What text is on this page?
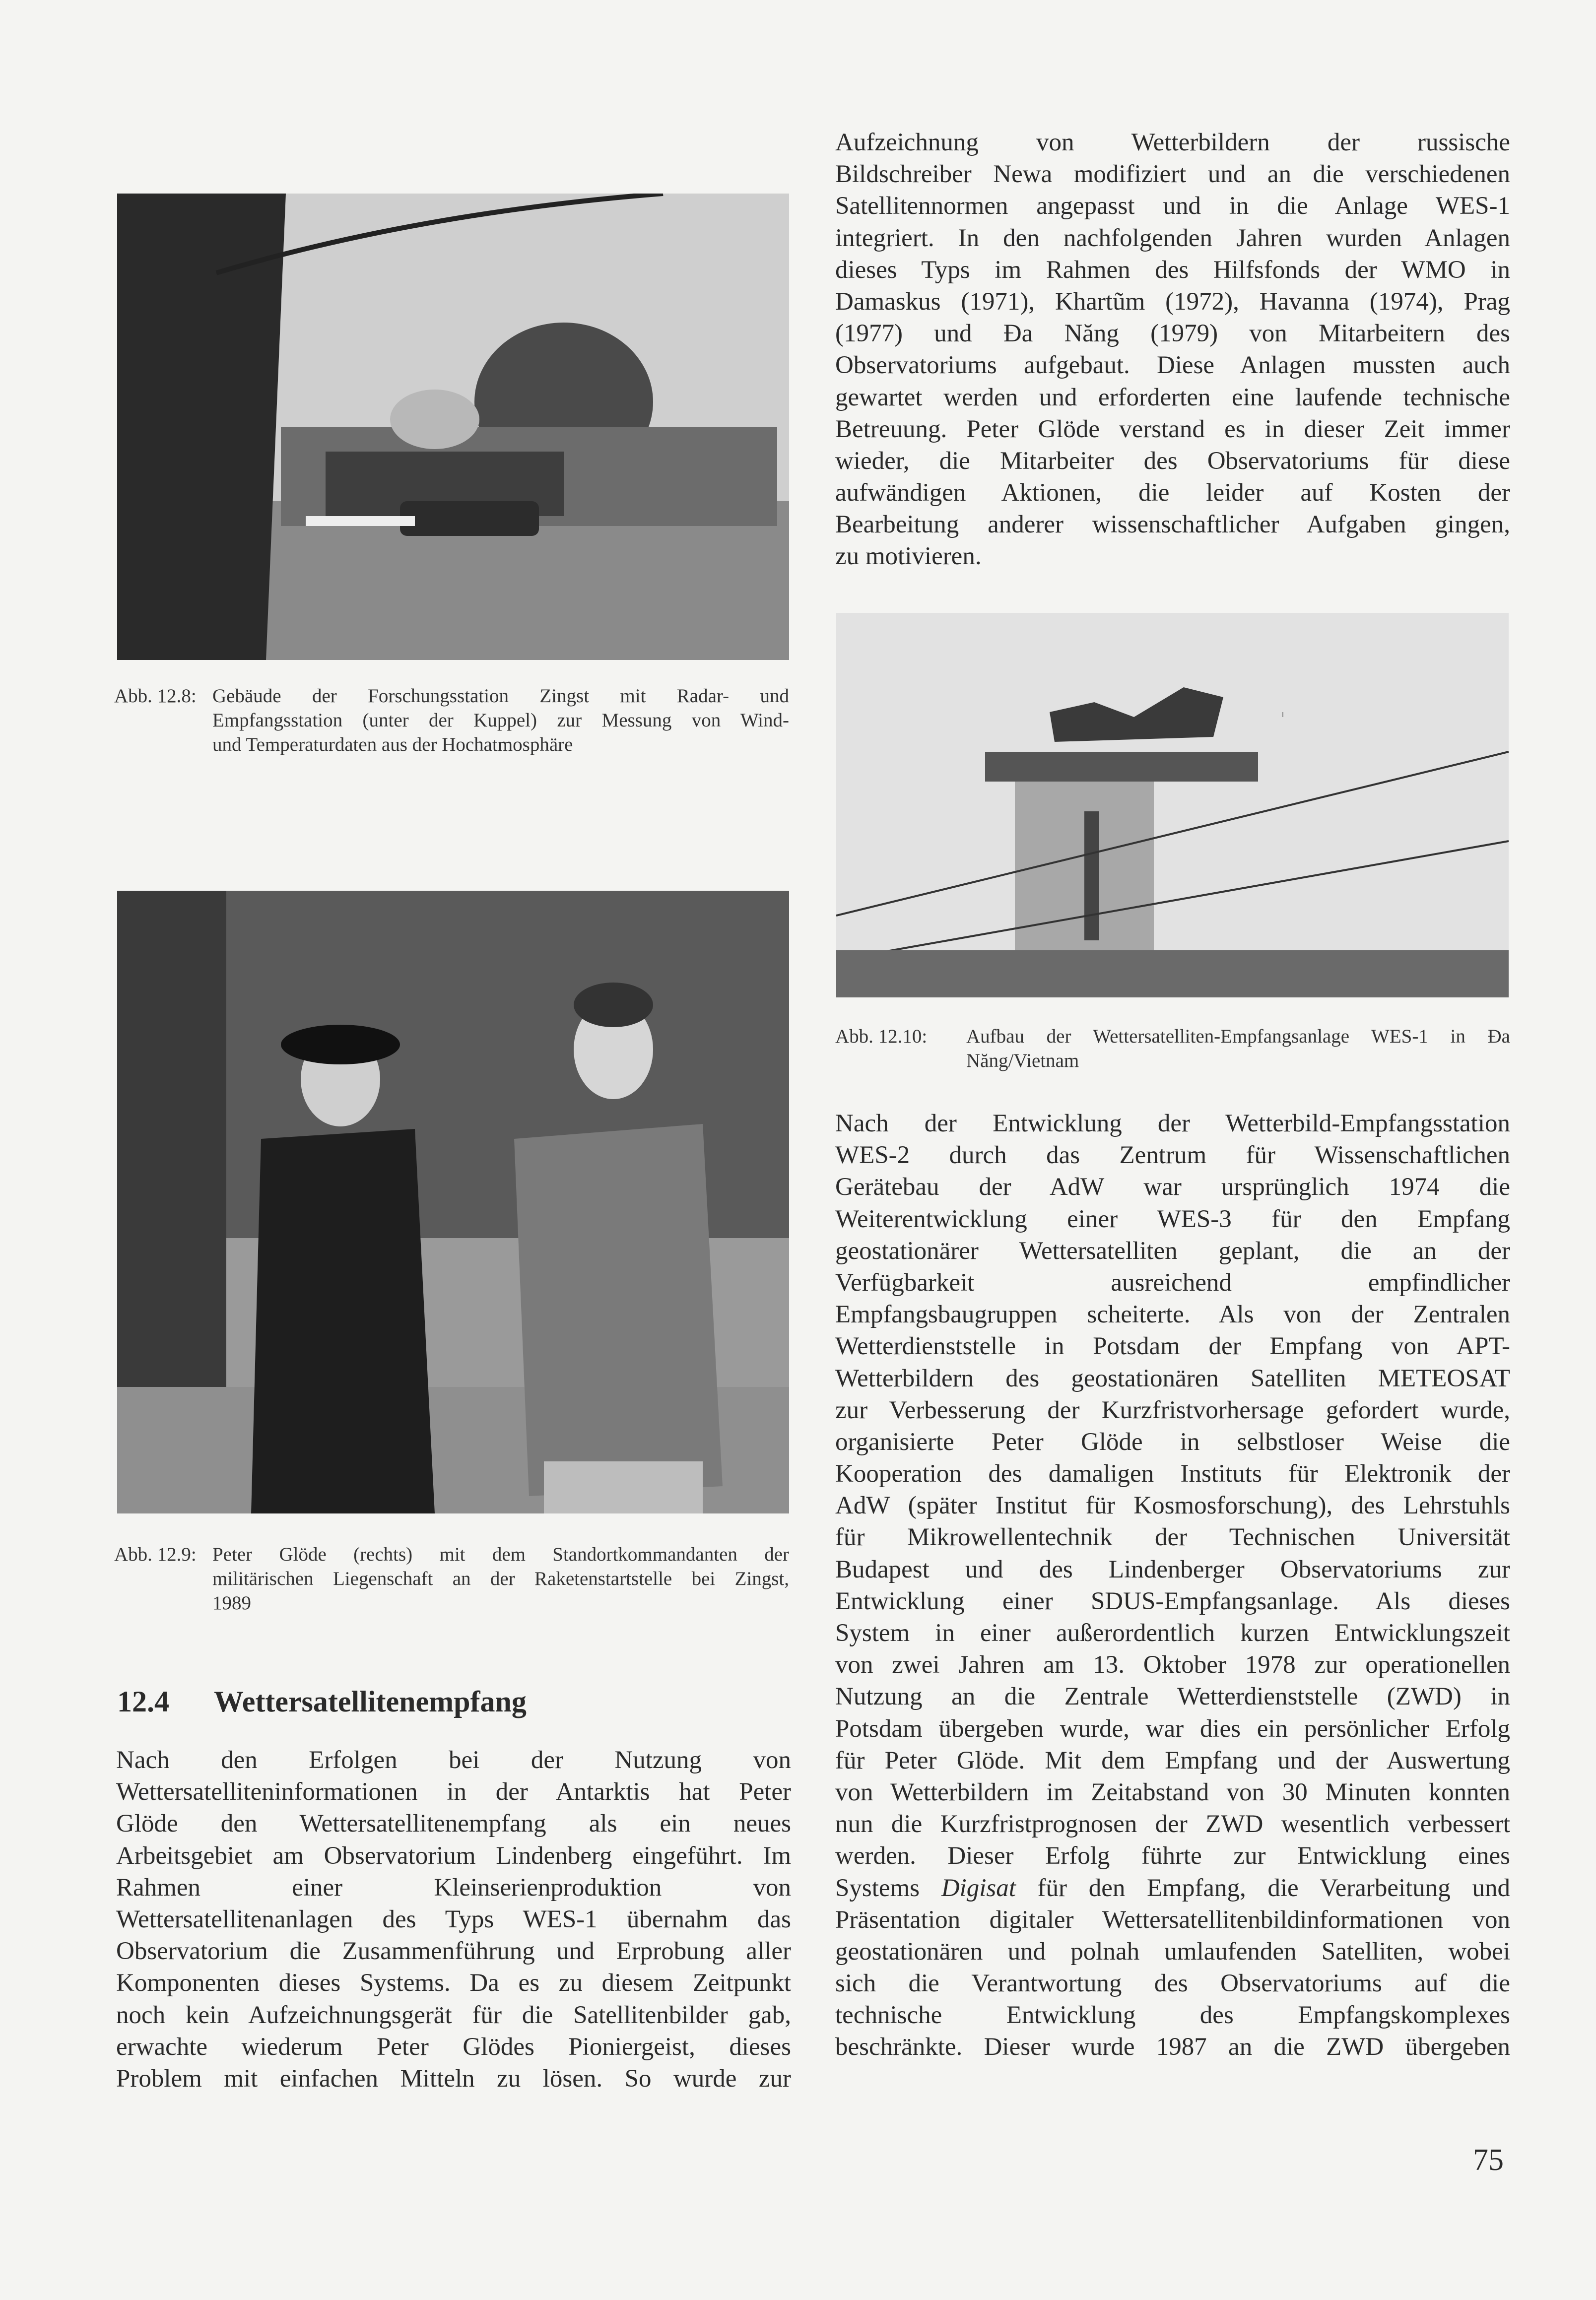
Abb. 12.8: Gebäude der Forschungsstation Zingst mit Radar- und
Empfangsstation (unter der Kuppel) zur Messung von Wind-
und Temperaturdaten aus der Hochatmosphäre
Abb. 12.9: Peter Glöde (rechts) mit dem Standortkommandanten der
militärischen Liegenschaft an der Raketenstartstelle bei Zingst,
1989
Abb. 12.10: Aufbau der Wettersatelliten-Empfangsanlage WES-1 in Đa
Năng/Vietnam
12.4 Wettersatellitenempfang
Aufzeichnung von Wetterbildern der russische
Bildschreiber Newa modifiziert und an die verschiedenen
Satellitennormen angepasst und in die Anlage WES-1
integriert. In den nachfolgenden Jahren wurden Anlagen
dieses Typs im Rahmen des Hilfsfonds der WMO in
Damaskus (1971), Khartũm (1972), Havanna (1974), Prag
(1977) und Đa Năng (1979) von Mitarbeitern des
Observatoriums aufgebaut. Diese Anlagen mussten auch
gewartet werden und erforderten eine laufende technische
Betreuung. Peter Glöde verstand es in dieser Zeit immer
wieder, die Mitarbeiter des Observatoriums für diese
aufwändigen Aktionen, die leider auf Kosten der
Bearbeitung anderer wissenschaftlicher Aufgaben gingen,
zu motivieren.
Nach den Erfolgen bei der Nutzung von
Wettersatelliteninformationen in der Antarktis hat Peter
Glöde den Wettersatellitenempfang als ein neues
Arbeitsgebiet am Observatorium Lindenberg eingeführt. Im
Rahmen einer Kleinserienproduktion von
Wettersatellitenanlagen des Typs WES-1 übernahm das
Observatorium die Zusammenführung und Erprobung aller
Komponenten dieses Systems. Da es zu diesem Zeitpunkt
noch kein Aufzeichnungsgerät für die Satellitenbilder gab,
erwachte wiederum Peter Glödes Pioniergeist, dieses
Problem mit einfachen Mitteln zu lösen. So wurde zur
Nach der Entwicklung der Wetterbild-Empfangsstation
WES-2 durch das Zentrum für Wissenschaftlichen
Gerätebau der AdW war ursprünglich 1974 die
Weiterentwicklung einer WES-3 für den Empfang
geostationärer Wettersatelliten geplant, die an der
Verfügbarkeit ausreichend empfindlicher
Empfangsbaugruppen scheiterte. Als von der Zentralen
Wetterdienststelle in Potsdam der Empfang von APT-
Wetterbildern des geostationären Satelliten METEOSAT
zur Verbesserung der Kurzfristvorhersage gefordert wurde,
organisierte Peter Glöde in selbstloser Weise die
Kooperation des damaligen Instituts für Elektronik der
AdW (später Institut für Kosmosforschung), des Lehrstuhls
für Mikrowellentechnik der Technischen Universität
Budapest und des Lindenberger Observatoriums zur
Entwicklung einer SDUS-Empfangsanlage. Als dieses
System in einer außerordentlich kurzen Entwicklungszeit
von zwei Jahren am 13. Oktober 1978 zur operationellen
Nutzung an die Zentrale Wetterdienststelle (ZWD) in
Potsdam übergeben wurde, war dies ein persönlicher Erfolg
für Peter Glöde. Mit dem Empfang und der Auswertung
von Wetterbildern im Zeitabstand von 30 Minuten konnten
nun die Kurzfristprognosen der ZWD wesentlich verbessert
werden. Dieser Erfolg führte zur Entwicklung eines
Systems Digisat für den Empfang, die Verarbeitung und
Präsentation digitaler Wettersatellitenbildinformationen von
geostationären und polnah umlaufenden Satelliten, wobei
sich die Verantwortung des Observatoriums auf die
technische Entwicklung des Empfangskomplexes
beschränkte. Dieser wurde 1987 an die ZWD übergeben
75
